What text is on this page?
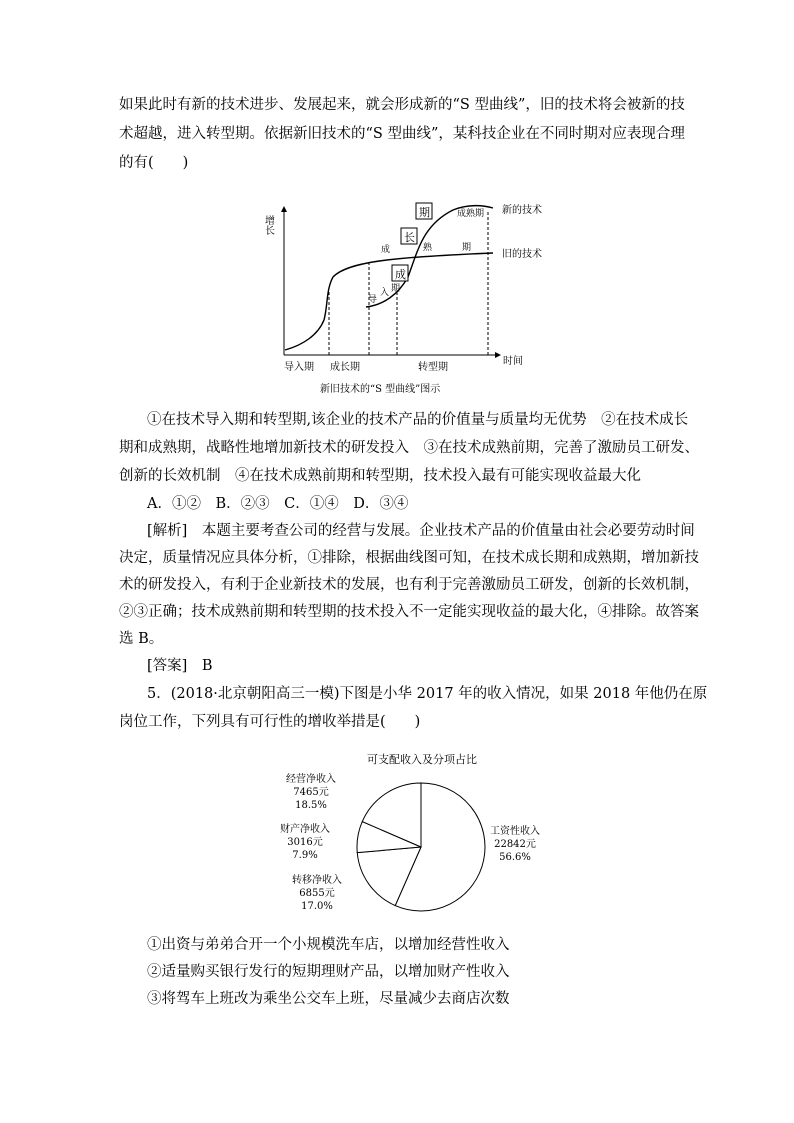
如果此时有新的技术进步、发展起来，就会形成新的“S 型曲线”，旧的技术将会被新的技
术超越，进入转型期。依据新旧技术的“S 型曲线”，某科技企业在不同时期对应表现合理
的有(　　)
增长
时间
新的技术
旧的技术
期
长
成
成熟期
成	熟	期
导
入 期
导入期 成长期	转型期
新旧技术的“S 型曲线”图示
①在技术导入期和转型期,该企业的技术产品的价值量与质量均无优势　②在技术成长
期和成熟期，战略性地增加新技术的研发投入　③在技术成熟前期，完善了激励员工研发、
创新的长效机制　④在技术成熟前期和转型期，技术投入最有可能实现收益最大化
A．①②　B．②③　C．①④　D．③④
[解析]　本题主要考查公司的经营与发展。企业技术产品的价值量由社会必要劳动时间
决定，质量情况应具体分析，①排除，根据曲线图可知，在技术成长期和成熟期，增加新技
术的研发投入，有利于企业新技术的发展，也有利于完善激励员工研发，创新的长效机制，
②③正确；技术成熟前期和转型期的技术投入不一定能实现收益的最大化，④排除。故答案
选 B。
[答案]　B
5．(2018·北京朝阳高三一模)下图是小华 2017 年的收入情况，如果 2018 年他仍在原
岗位工作，下列具有可行性的增收举措是(　　)
可支配收入及分项占比
经营净收入
7465元
18.5%
财产净收入
3016元
7.9%
转移净收入
6855元
17.0%
工资性收入
22842元
56.6%
①出资与弟弟合开一个小规模洗车店，以增加经营性收入
②适量购买银行发行的短期理财产品，以增加财产性收入
③将驾车上班改为乘坐公交车上班，尽量减少去商店次数
